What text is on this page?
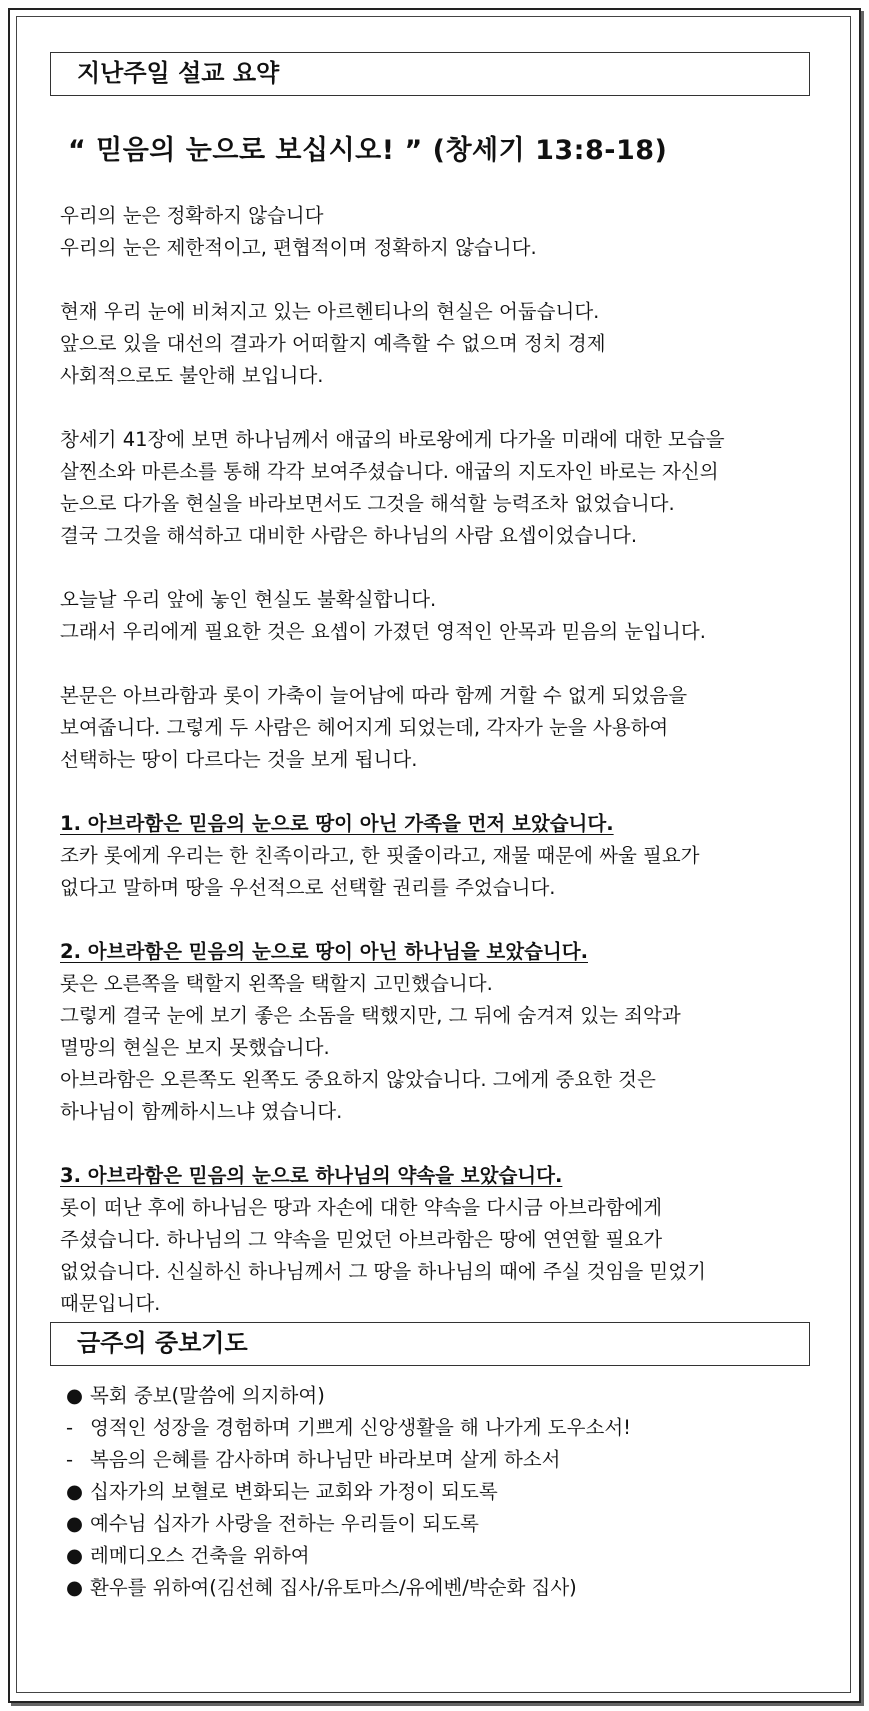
지난주일 설교 요약
“ 믿음의 눈으로 보십시오! ” (창세기 13:8-18)
우리의 눈은 정확하지 않습니다
우리의 눈은 제한적이고, 편협적이며 정확하지 않습니다.
현재 우리 눈에 비쳐지고 있는 아르헨티나의 현실은 어둡습니다.
앞으로 있을 대선의 결과가 어떠할지 예측할 수 없으며 정치 경제
사회적으로도 불안해 보입니다.
창세기 41장에 보면 하나님께서 애굽의 바로왕에게 다가올 미래에 대한 모습을
살찐소와 마른소를 통해 각각 보여주셨습니다. 애굽의 지도자인 바로는 자신의
눈으로 다가올 현실을 바라보면서도 그것을 해석할 능력조차 없었습니다.
결국 그것을 해석하고 대비한 사람은 하나님의 사람 요셉이었습니다.
오늘날 우리 앞에 놓인 현실도 불확실합니다.
그래서 우리에게 필요한 것은 요셉이 가졌던 영적인 안목과 믿음의 눈입니다.
본문은 아브라함과 롯이 가축이 늘어남에 따라 함께 거할 수 없게 되었음을
보여줍니다. 그렇게 두 사람은 헤어지게 되었는데, 각자가 눈을 사용하여
선택하는 땅이 다르다는 것을 보게 됩니다.
1. 아브라함은 믿음의 눈으로 땅이 아닌 가족을 먼저 보았습니다.
조카 롯에게 우리는 한 친족이라고, 한 핏줄이라고, 재물 때문에 싸울 필요가
없다고 말하며 땅을 우선적으로 선택할 권리를 주었습니다.
2. 아브라함은 믿음의 눈으로 땅이 아닌 하나님을 보았습니다.
롯은 오른쪽을 택할지 왼쪽을 택할지 고민했습니다.
그렇게 결국 눈에 보기 좋은 소돔을 택했지만, 그 뒤에 숨겨져 있는 죄악과
멸망의 현실은 보지 못했습니다.
아브라함은 오른쪽도 왼쪽도 중요하지 않았습니다. 그에게 중요한 것은
하나님이 함께하시느냐 였습니다.
3. 아브라함은 믿음의 눈으로 하나님의 약속을 보았습니다.
롯이 떠난 후에 하나님은 땅과 자손에 대한 약속을 다시금 아브라함에게
주셨습니다. 하나님의 그 약속을 믿었던 아브라함은 땅에 연연할 필요가
없었습니다. 신실하신 하나님께서 그 땅을 하나님의 때에 주실 것임을 믿었기
때문입니다.
금주의 중보기도
● 목회 중보(말씀에 의지하여)
- 영적인 성장을 경험하며 기쁘게 신앙생활을 해 나가게 도우소서!
- 복음의 은혜를 감사하며 하나님만 바라보며 살게 하소서
● 십자가의 보혈로 변화되는 교회와 가정이 되도록
● 예수님 십자가 사랑을 전하는 우리들이 되도록
● 레메디오스 건축을 위하여
● 환우를 위하여(김선혜 집사/유토마스/유에벤/박순화 집사)
